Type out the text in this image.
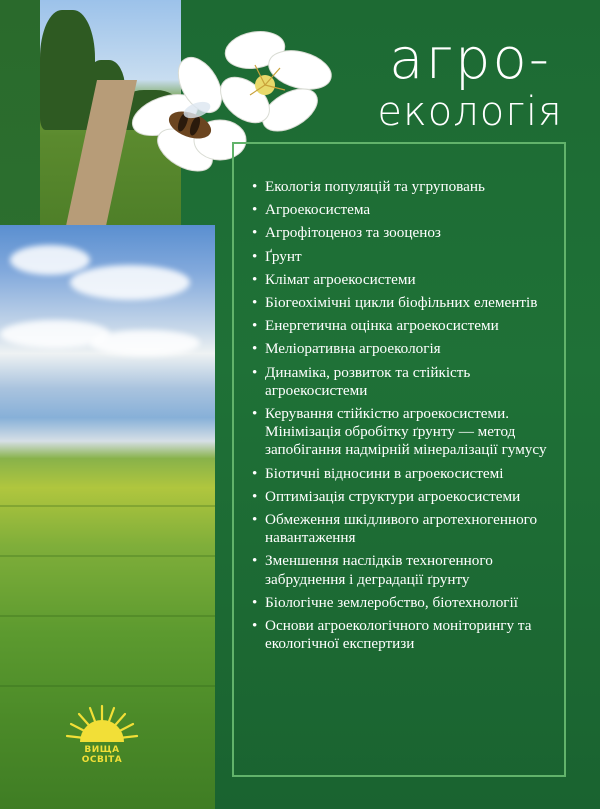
агро-
екологія
• Екологія популяцій та угруповань
• Агроекосистема
• Агрофітоценоз та зооценоз
• Ґрунт
• Клімат агроекосистеми
• Біогеохімічні цикли біофільних елементів
• Енергетична оцінка агроекосистеми
• Меліоративна агроекологія
• Динаміка, розвиток та стійкість агроекосистеми
• Керування стійкістю агроекосистеми. Мінімізація обробітку ґрунту — метод запобігання надмірній мінералізації гумусу
• Біотичні відносини в агроекосистемі
• Оптимізація структури агроекосистеми
• Обмеження шкідливого агротехногенного навантаження
• Зменшення наслідків техногенного забруднення і деградації ґрунту
• Біологічне землеробство, біотехнології
• Основи агроекологічного моніторингу та екологічної експертизи
ВИЩА ОСВІТА
